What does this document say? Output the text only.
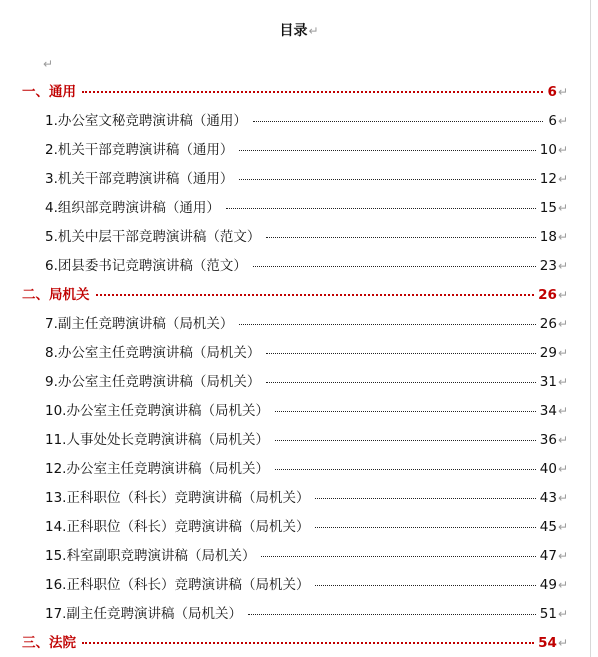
目录↵
↵
一、通用	6 ↵
1.办公室文秘竞聘演讲稿（通用）	6 ↵
2.机关干部竞聘演讲稿（通用）	10 ↵
3.机关干部竞聘演讲稿（通用）	12 ↵
4.组织部竞聘演讲稿（通用）	15 ↵
5.机关中层干部竞聘演讲稿（范文）	18 ↵
6.团县委书记竞聘演讲稿（范文）	23 ↵
二、局机关	26 ↵
7.副主任竞聘演讲稿（局机关）	26 ↵
8.办公室主任竞聘演讲稿（局机关）	29 ↵
9.办公室主任竞聘演讲稿（局机关）	31 ↵
10.办公室主任竞聘演讲稿（局机关）	34 ↵
11.人事处处长竞聘演讲稿（局机关）	36 ↵
12.办公室主任竞聘演讲稿（局机关）	40 ↵
13.正科职位（科长）竞聘演讲稿（局机关）	43 ↵
14.正科职位（科长）竞聘演讲稿（局机关）	45 ↵
15.科室副职竞聘演讲稿（局机关）	47 ↵
16.正科职位（科长）竞聘演讲稿（局机关）	49 ↵
17.副主任竞聘演讲稿（局机关）	51 ↵
三、法院	54 ↵
